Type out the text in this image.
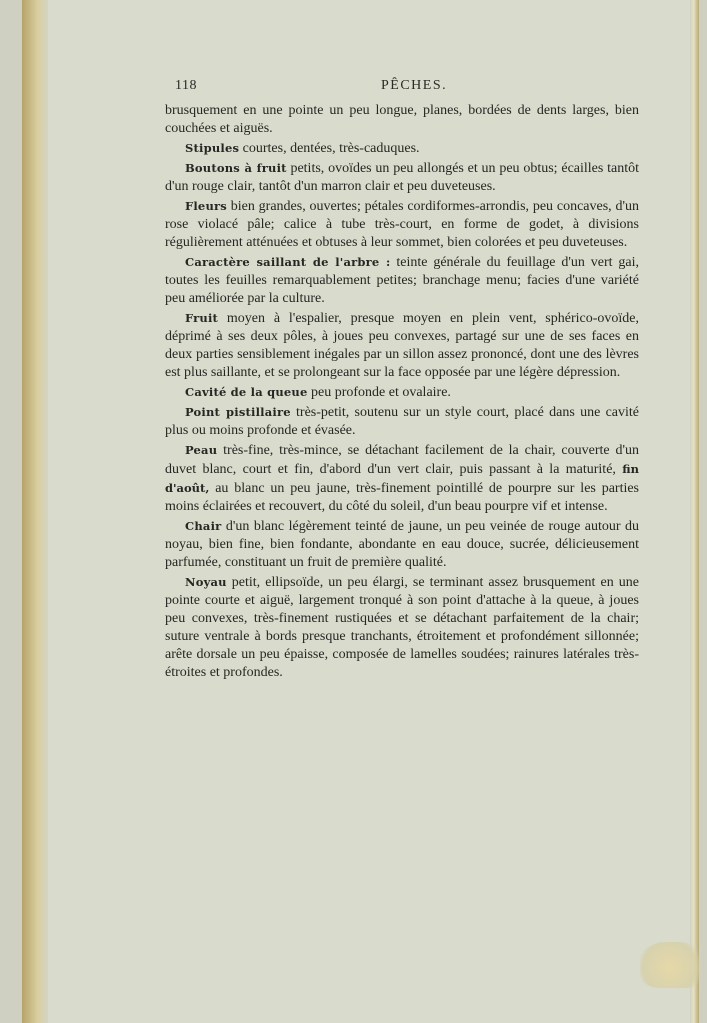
118	PÊCHES.

brusquement en une pointe un peu longue, planes, bordées de dents larges, bien couchées et aiguës.

Stipules courtes, dentées, très-caduques.

Boutons à fruit petits, ovoïdes un peu allongés et un peu obtus; écailles tantôt d'un rouge clair, tantôt d'un marron clair et peu duveteuses.

Fleurs bien grandes, ouvertes; pétales cordiformes-arrondis, peu concaves, d'un rose violacé pâle; calice à tube très-court, en forme de godet, à divisions régulièrement atténuées et obtuses à leur sommet, bien colorées et peu duveteuses.

Caractère saillant de l'arbre : teinte générale du feuillage d'un vert gai, toutes les feuilles remarquablement petites; branchage menu; facies d'une variété peu améliorée par la culture.

Fruit moyen à l'espalier, presque moyen en plein vent, sphérico-ovoïde, déprimé à ses deux pôles, à joues peu convexes, partagé sur une de ses faces en deux parties sensiblement inégales par un sillon assez prononcé, dont une des lèvres est plus saillante, et se prolongeant sur la face opposée par une légère dépression.

Cavité de la queue peu profonde et ovalaire.

Point pistillaire très-petit, soutenu sur un style court, placé dans une cavité plus ou moins profonde et évasée.

Peau très-fine, très-mince, se détachant facilement de la chair, couverte d'un duvet blanc, court et fin, d'abord d'un vert clair, puis passant à la maturité, fin d'août, au blanc un peu jaune, très-finement pointillé de pourpre sur les parties moins éclairées et recouvert, du côté du soleil, d'un beau pourpre vif et intense.

Chair d'un blanc légèrement teinté de jaune, un peu veinée de rouge autour du noyau, bien fine, bien fondante, abondante en eau douce, sucrée, délicieusement parfumée, constituant un fruit de première qualité.

Noyau petit, ellipsoïde, un peu élargi, se terminant assez brusquement en une pointe courte et aiguë, largement tronqué à son point d'attache à la queue, à joues peu convexes, très-finement rustiquées et se détachant parfaitement de la chair; suture ventrale à bords presque tranchants, étroitement et profondément sillonnée; arête dorsale un peu épaisse, composée de lamelles soudées; rainures latérales très-étroites et profondes.
